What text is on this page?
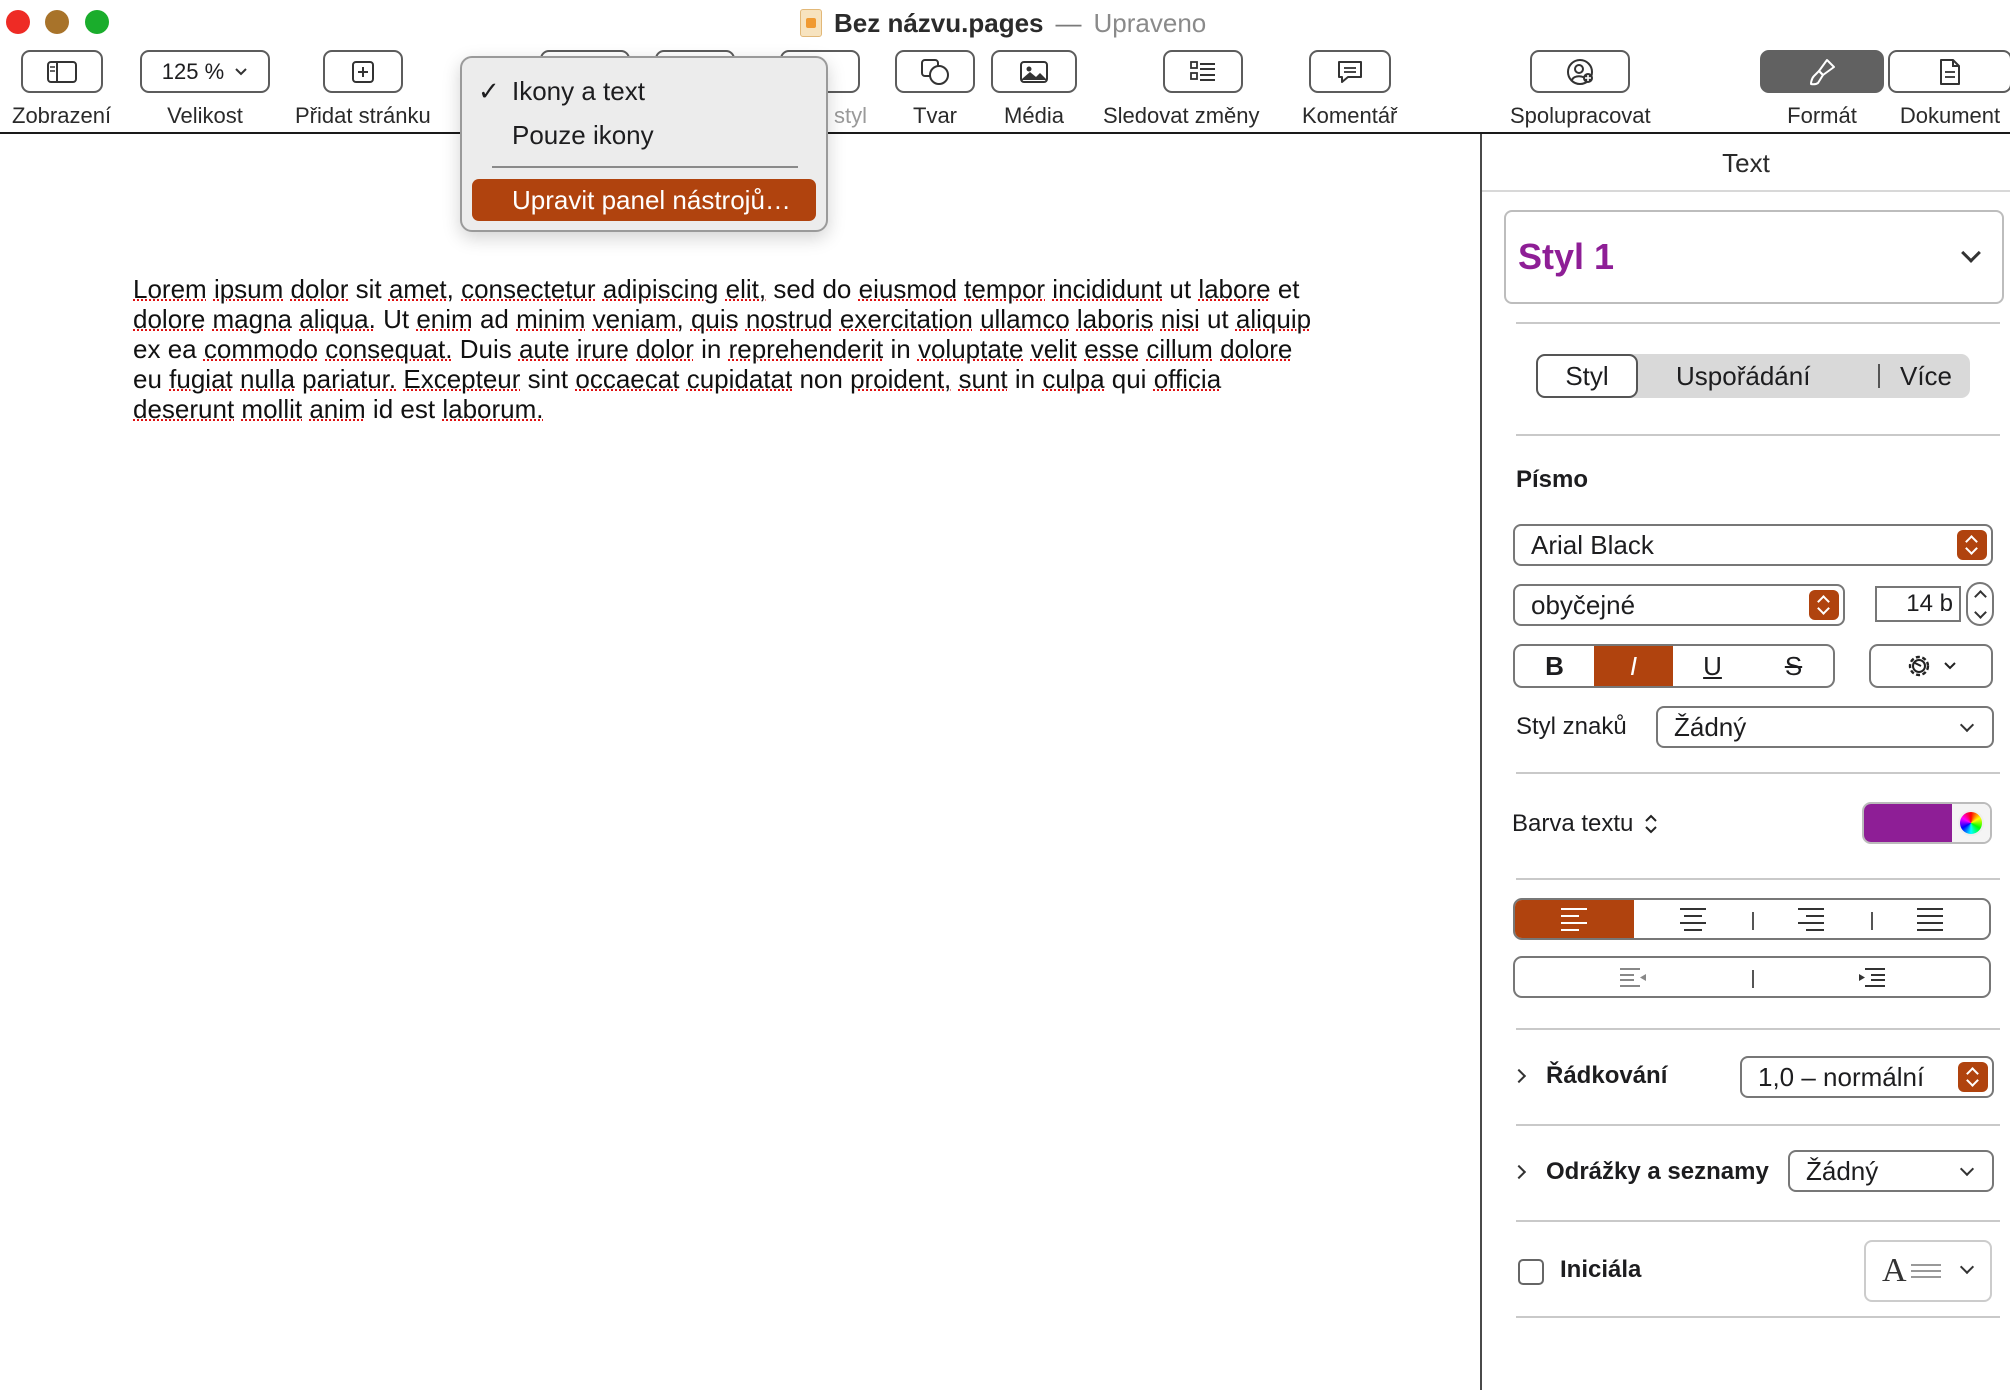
Bez názvu.pages — Upraveno
Zobrazení
125 %
Velikost Přidat stránku	styl Tvar Média Sledovat změny Komentář	Spolupracovat	Formát Dokument
✓ Ikony a text
Pouze ikony
Upravit panel nástrojů…
Lorem ipsum dolor sit amet, consectetur adipiscing elit, sed do eiusmod tempor incididunt ut labore et dolore magna aliqua. Ut enim ad minim veniam, quis nostrud exercitation ullamco laboris nisi ut aliquip ex ea commodo consequat. Duis aute irure dolor in reprehenderit in voluptate velit esse cillum dolore eu fugiat nulla pariatur. Excepteur sint occaecat cupidatat non proident, sunt in culpa qui officia deserunt mollit anim id est laborum.
Text
Styl 1
Styl	Uspořádání	Více
Písmo
Arial Black
obyčejné	14 b
B	I	U	S
Styl znaků Žádný
Barva textu
Řádkování	1,0 – normální
Odrážky a seznamy Žádný
Iniciála	A
